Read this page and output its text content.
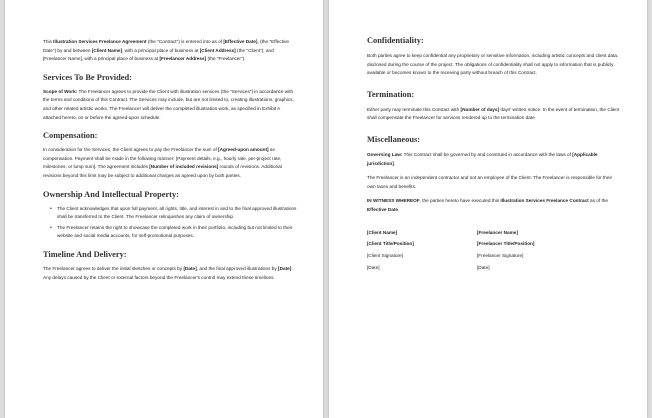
This Illustration Services Freelance Agreement (the "Contract") is entered into as of [Effective Date], (the "Effective Date") by and between [Client Name], with a principal place of business at [Client Address] (the "Client"), and [Freelancer Name], with a principal place of business at [Freelancer Address] (the "Freelancer").

Services To Be Provided:

Scope of Work: The Freelancer agrees to provide the Client with illustration services (the "Services") in accordance with the terms and conditions of this Contract. The Services may include, but are not limited to, creating illustrations, graphics, and other related artistic works. The Freelancer will deliver the completed illustration work, as specified in Exhibit A attached hereto, on or before the agreed-upon schedule.

Compensation:

In consideration for the Services, the Client agrees to pay the Freelancer the sum of [Agreed-upon amount] as compensation. Payment shall be made in the following manner: [Payment details, e.g., hourly rate, per-project rate, milestones, or lump sum]. The agreement includes [Number of included revisions] rounds of revisions. Additional revisions beyond this limit may be subject to additional charges as agreed upon by both parties.

Ownership And Intellectual Property:
• The Client acknowledges that upon full payment, all rights, title, and interest in and to the final approved illustrations shall be transferred to the Client. The Freelancer relinquishes any claim of ownership.
• The Freelancer retains the right to showcase the completed work in their portfolio, including but not limited to their website and social media accounts, for self-promotional purposes.
Timeline And Delivery:

The Freelancer agrees to deliver the initial sketches or concepts by [Date], and the final approved illustrations by [Date]. Any delays caused by the Client or external factors beyond the Freelancer's control may extend these timelines.

Confidentiality:

Both parties agree to keep confidential any proprietary or sensitive information, including artistic concepts and client data, disclosed during the course of the project. The obligations of confidentiality shall not apply to information that is publicly available or becomes known to the receiving party without breach of this Contract.

Termination:

Either party may terminate this Contract with [Number of days] days' written notice. In the event of termination, the Client shall compensate the Freelancer for services rendered up to the termination date.

Miscellaneous:

Governing Law: This Contract shall be governed by and construed in accordance with the laws of [Applicable jurisdiction].

The Freelancer is an independent contractor and not an employee of the Client. The Freelancer is responsible for their own taxes and benefits.

IN WITNESS WHEREOF, the parties hereto have executed this Illustration Services Freelance Contract as of the Effective Date.

[Client Name]

[Client Title/Position]

[Client Signature]

[Date]

[Freelancer Name]

[Freelancer Title/Position]

[Freelancer Signature]

[Date]
